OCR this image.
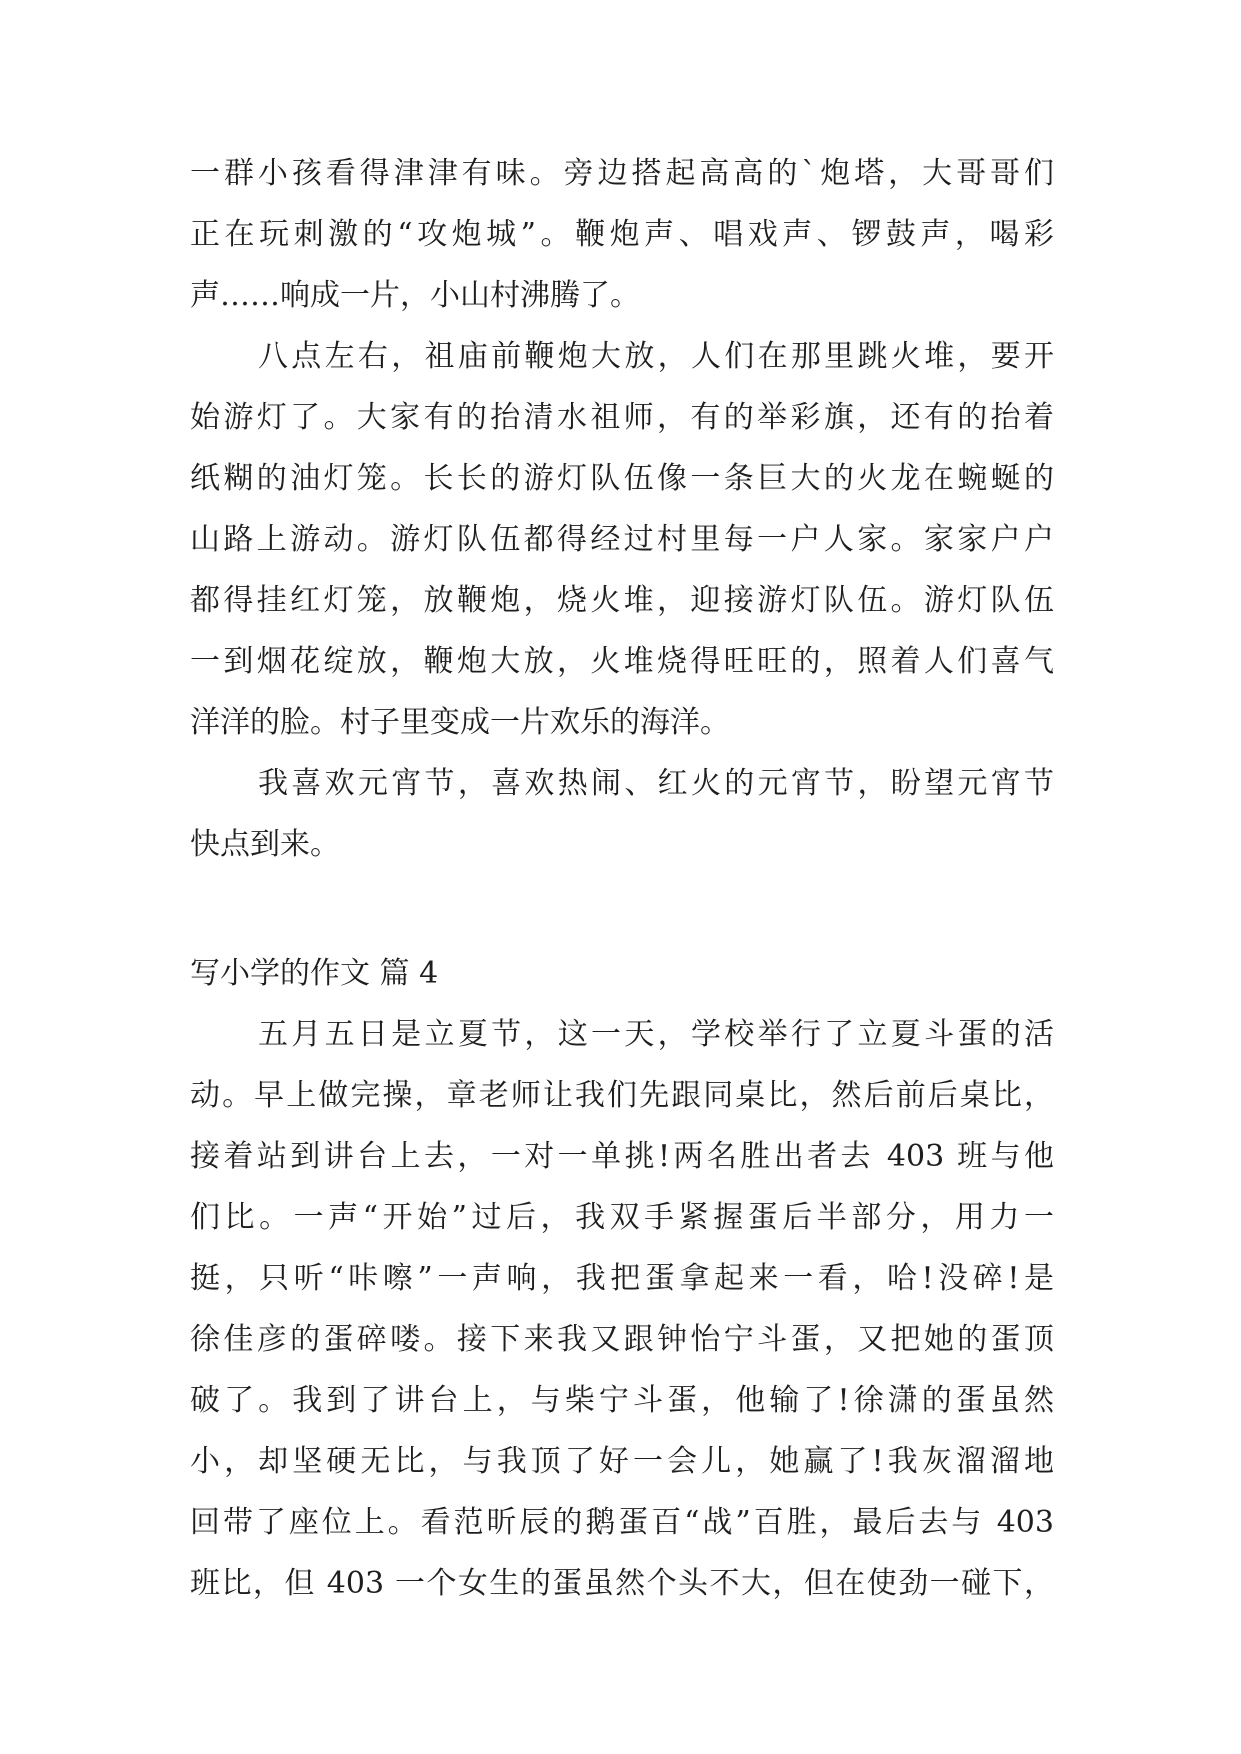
一群小孩看得津津有味。旁边搭起高高的`炮塔，大哥哥们
正在玩刺激的“攻炮城”。鞭炮声、唱戏声、锣鼓声，喝彩
声……响成一片，小山村沸腾了。
八点左右，祖庙前鞭炮大放，人们在那里跳火堆，要开
始游灯了。大家有的抬清水祖师，有的举彩旗，还有的抬着
纸糊的油灯笼。长长的游灯队伍像一条巨大的火龙在蜿蜒的
山路上游动。游灯队伍都得经过村里每一户人家。家家户户
都得挂红灯笼，放鞭炮，烧火堆，迎接游灯队伍。游灯队伍
一到烟花绽放，鞭炮大放，火堆烧得旺旺的，照着人们喜气
洋洋的脸。村子里变成一片欢乐的海洋。
我喜欢元宵节，喜欢热闹、红火的元宵节，盼望元宵节
快点到来。
写小学的作文 篇 4
五月五日是立夏节，这一天，学校举行了立夏斗蛋的活
动。早上做完操，章老师让我们先跟同桌比，然后前后桌比，
接着站到讲台上去，一对一单挑!两名胜出者去 403 班与他
们比。一声“开始”过后，我双手紧握蛋后半部分，用力一
挺，只听“咔嚓”一声响，我把蛋拿起来一看，哈!没碎!是
徐佳彦的蛋碎喽。接下来我又跟钟怡宁斗蛋，又把她的蛋顶
破了。我到了讲台上，与柴宁斗蛋，他输了!徐潇的蛋虽然
小，却坚硬无比，与我顶了好一会儿，她赢了!我灰溜溜地
回带了座位上。看范昕辰的鹅蛋百“战”百胜，最后去与 403
班比，但 403 一个女生的蛋虽然个头不大，但在使劲一碰下，
